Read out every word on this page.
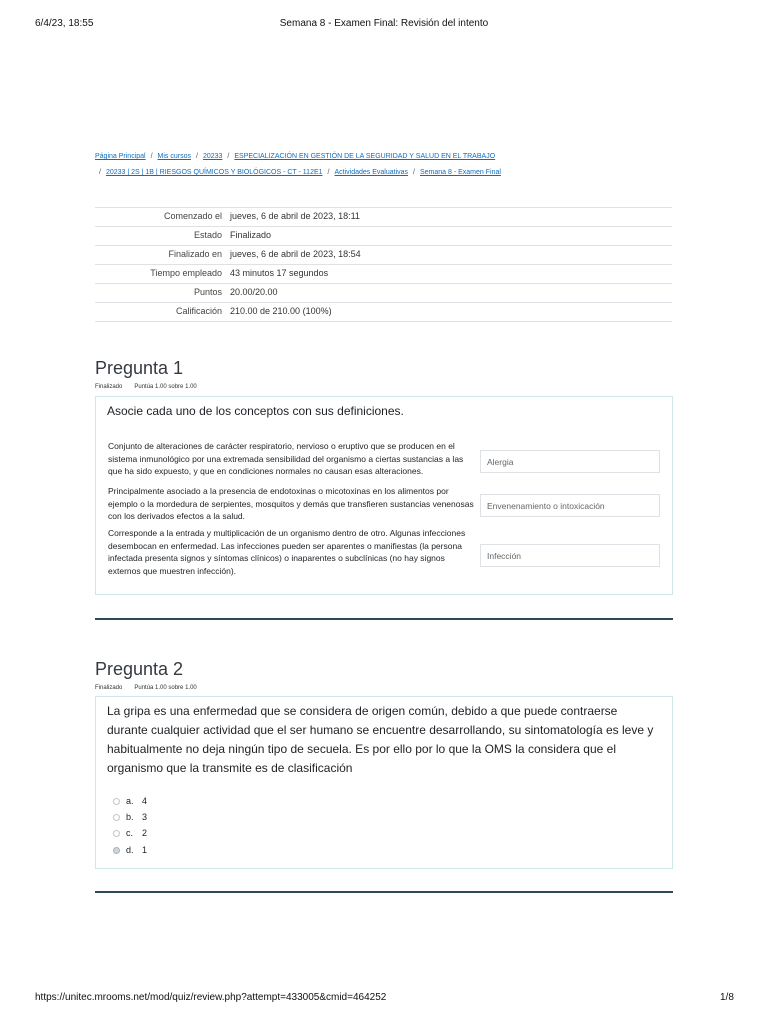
6/4/23, 18:55	Semana 8 - Examen Final: Revisión del intento
Página Principal / Mis cursos / 20233 / ESPECIALIZACIÓN EN GESTIÓN DE LA SEGURIDAD Y SALUD EN EL TRABAJO
/ 20233 | 2S | 1B | RIESGOS QUÍMICOS Y BIOLÓGICOS - CT - 112E1 / Actividades Evaluativas / Semana 8 - Examen Final
Comenzado el	jueves, 6 de abril de 2023, 18:11
Estado	Finalizado
Finalizado en	jueves, 6 de abril de 2023, 18:54
Tiempo empleado	43 minutos 17 segundos
Puntos	20.00/20.00
Calificación	210.00 de 210.00 (100%)
Pregunta 1
Finalizado Puntúa 1.00 sobre 1.00
Asocie cada uno de los conceptos con sus definiciones.
Conjunto de alteraciones de carácter respiratorio, nervioso o eruptivo que se producen en el sistema inmunológico por una extremada sensibilidad del organismo a ciertas sustancias a las que ha sido expuesto, y que en condiciones normales no causan esas alteraciones.
Alergia
Principalmente asociado a la presencia de endotoxinas o micotoxinas en los alimentos por ejemplo o la mordedura de serpientes, mosquitos y demás que transfieren sustancias venenosas con los derivados efectos a la salud.
Envenenamiento o intoxicación
Corresponde a la entrada y multiplicación de un organismo dentro de otro. Algunas infecciones desembocan en enfermedad. Las infecciones pueden ser aparentes o manifiestas (la persona infectada presenta signos y síntomas clínicos) o inaparentes o subclínicas (no hay signos externos que muestren infección).
Infección
Pregunta 2
Finalizado Puntúa 1.00 sobre 1.00
La gripa es una enfermedad que se considera de origen común, debido a que puede contraerse durante cualquier actividad que el ser humano se encuentre desarrollando, su sintomatología es leve y habitualmente no deja ningún tipo de secuela. Es por ello por lo que la OMS la considera que el organismo que la transmite es de clasificación
a. 4
b. 3
c. 2
d. 1
https://unitec.mrooms.net/mod/quiz/review.php?attempt=433005&cmid=464252	1/8
